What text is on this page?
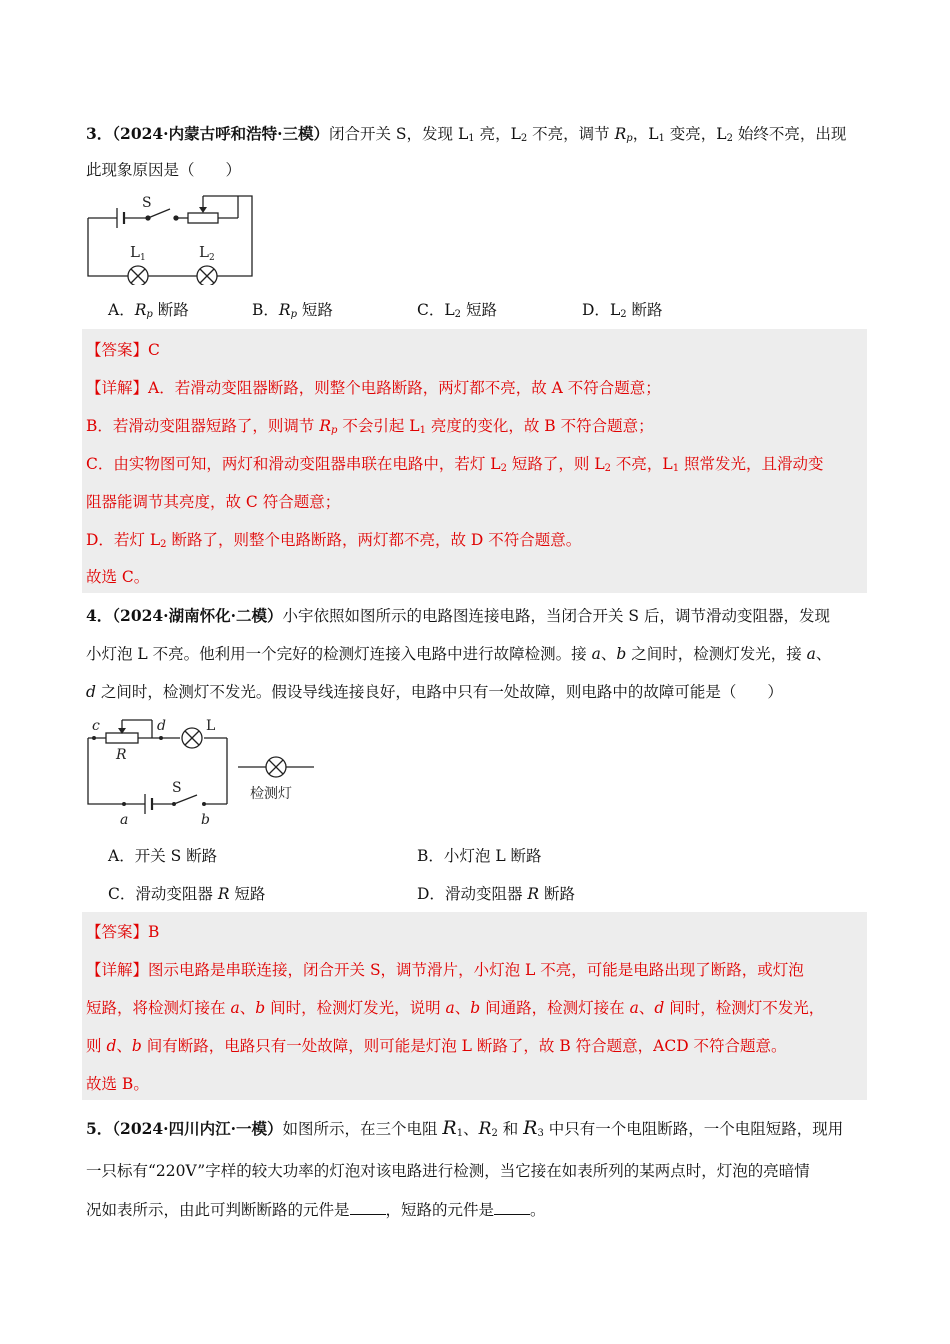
3．（2024·内蒙古呼和浩特·三模）闭合开关 S，发现 $L_1$ 亮，$L_2$ 不亮，调节 $R_p$，$L_1$ 变亮，$L_2$ 始终不亮，出现
此现象原因是（　　）
S
L 1	L 2
A．$R_p$ 断路	B．$R_p$ 短路	C．$L_2$ 短路	D．$L_2$ 断路
【答案】C
【详解】A．若滑动变阻器断路，则整个电路断路，两灯都不亮，故 A 不符合题意；
B．若滑动变阻器短路了，则调节 $R_p$ 不会引起 $L_1$ 亮度的变化，故 B 不符合题意；
C．由实物图可知，两灯和滑动变阻器串联在电路中，若灯 $L_2$ 短路了，则 $L_2$ 不亮，$L_1$ 照常发光，且滑动变
阻器能调节其亮度，故 C 符合题意；
D．若灯 $L_2$ 断路了，则整个电路断路，两灯都不亮，故 D 不符合题意。
故选 C。
4．（2024·湖南怀化·二模）小宇依照如图所示的电路图连接电路，当闭合开关 S 后，调节滑动变阻器，发现
小灯泡 L 不亮。他利用一个完好的检测灯连接入电路中进行故障检测。接 a、b 之间时，检测灯发光，接 a、
d 之间时，检测灯不发光。假设导线连接良好，电路中只有一处故障，则电路中的故障可能是（　　）
c	d
R
L
S
a	b
检测灯
A．开关 S 断路	B．小灯泡 L 断路
C．滑动变阻器 R 短路	D．滑动变阻器 R 断路
【答案】B
【详解】图示电路是串联连接，闭合开关 S，调节滑片，小灯泡 L 不亮，可能是电路出现了断路，或灯泡
短路，将检测灯接在 a、b 间时，检测灯发光，说明 a、b 间通路，检测灯接在 a、d 间时，检测灯不发光，
则 d、b 间有断路，电路只有一处故障，则可能是灯泡 L 断路了，故 B 符合题意，ACD 不符合题意。
故选 B。
5．（2024·四川内江·一模）如图所示，在三个电阻 $R_1$、$R_2$ 和 $R_3$ 中只有一个电阻断路，一个电阻短路，现用
一只标有“220V”字样的较大功率的灯泡对该电路进行检测，当它接在如表所列的某两点时，灯泡的亮暗情
况如表所示，由此可判断断路的元件是 ，短路的元件是 。
